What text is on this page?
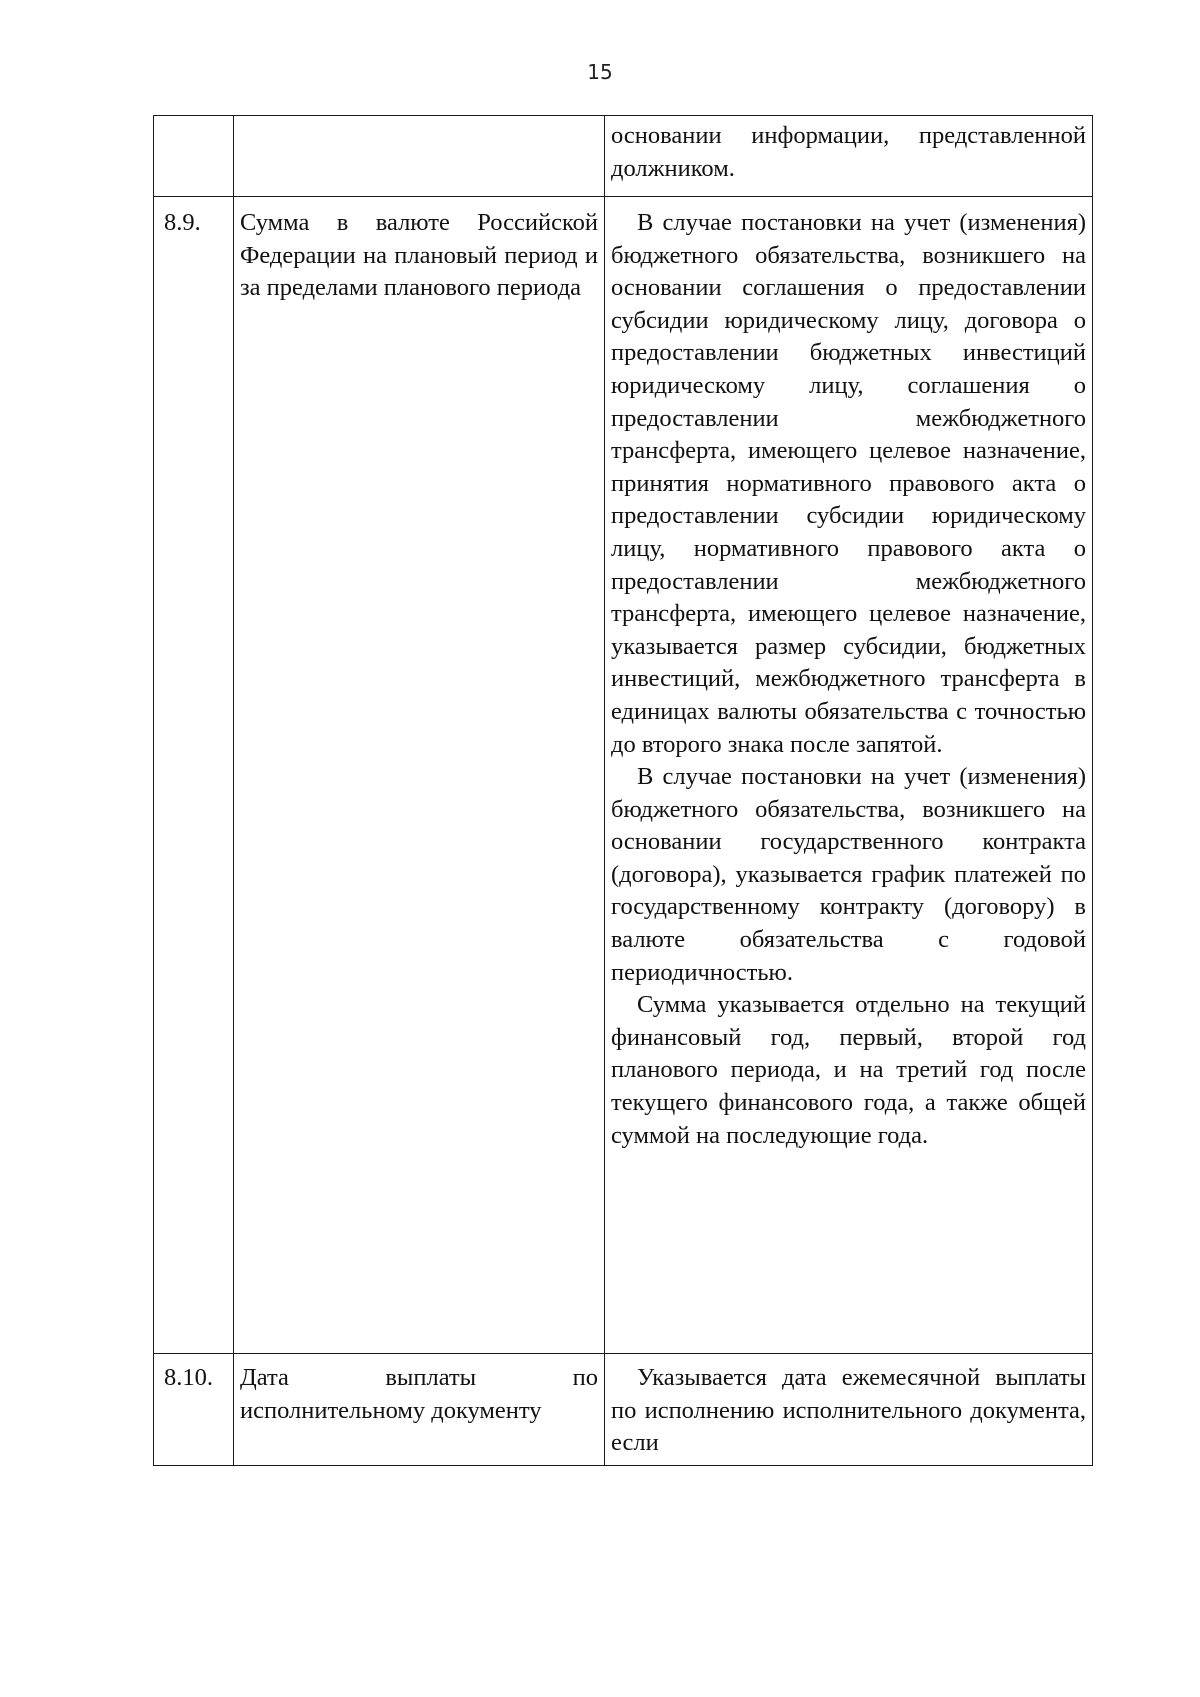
15

		основании информации, представленной должником.

8.9.	Сумма в валюте Российской Федерации на плановый период и за пределами планового периода	В случае постановки на учет (изменения) бюджетного обязательства, возникшего на основании соглашения о предоставлении субсидии юридическому лицу, договора о предоставлении бюджетных инвестиций юридическому лицу, соглашения о предоставлении межбюджетного трансферта, имеющего целевое назначение, принятия нормативного правового акта о предоставлении субсидии юридическому лицу, нормативного правового акта о предоставлении межбюджетного трансферта, имеющего целевое назначение, указывается размер субсидии, бюджетных инвестиций, межбюджетного трансферта в единицах валюты обязательства с точностью до второго знака после запятой.
В случае постановки на учет (изменения) бюджетного обязательства, возникшего на основании государственного контракта (договора), указывается график платежей по государственному контракту (договору) в валюте обязательства с годовой периодичностью.
Сумма указывается отдельно на текущий финансовый год, первый, второй год планового периода, и на третий год после текущего финансового года, а также общей суммой на последующие года.

8.10.	Дата выплаты по исполнительному документу	Указывается дата ежемесячной выплаты по исполнению исполнительного документа, если
